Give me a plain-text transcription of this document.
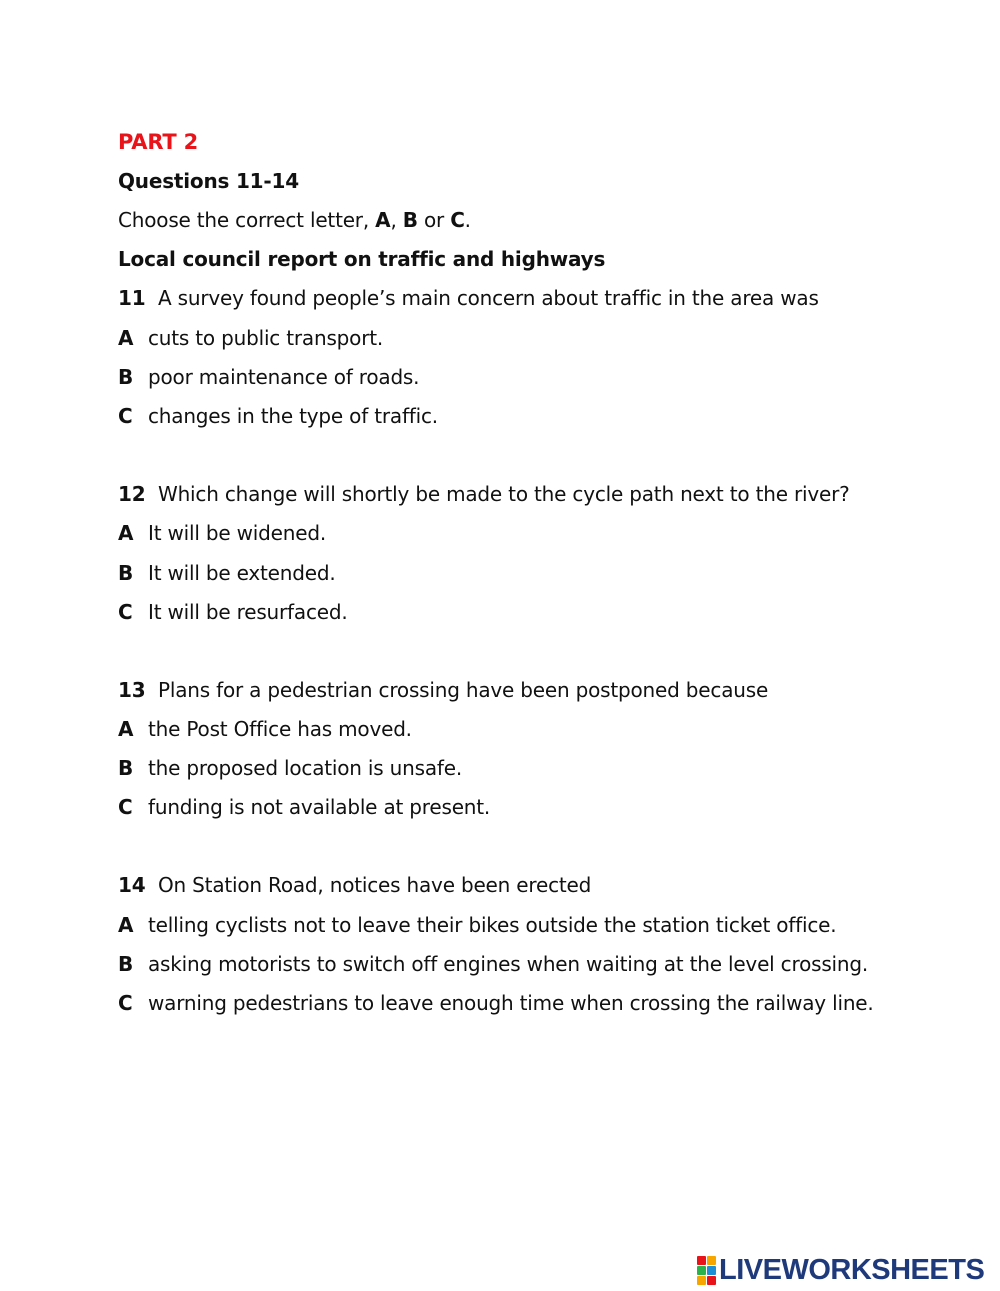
PART 2
Questions 11-14
Choose the correct letter, A, B or C.
Local council report on traffic and highways
11 A survey found people’s main concern about traffic in the area was
A cuts to public transport.
B poor maintenance of roads.
C changes in the type of traffic.
12 Which change will shortly be made to the cycle path next to the river?
A It will be widened.
B It will be extended.
C It will be resurfaced.
13 Plans for a pedestrian crossing have been postponed because
A the Post Office has moved.
B the proposed location is unsafe.
C funding is not available at present.
14 On Station Road, notices have been erected
A telling cyclists not to leave their bikes outside the station ticket office.
B asking motorists to switch off engines when waiting at the level crossing.
C warning pedestrians to leave enough time when crossing the railway line.
LIVEWORKSHEETS
